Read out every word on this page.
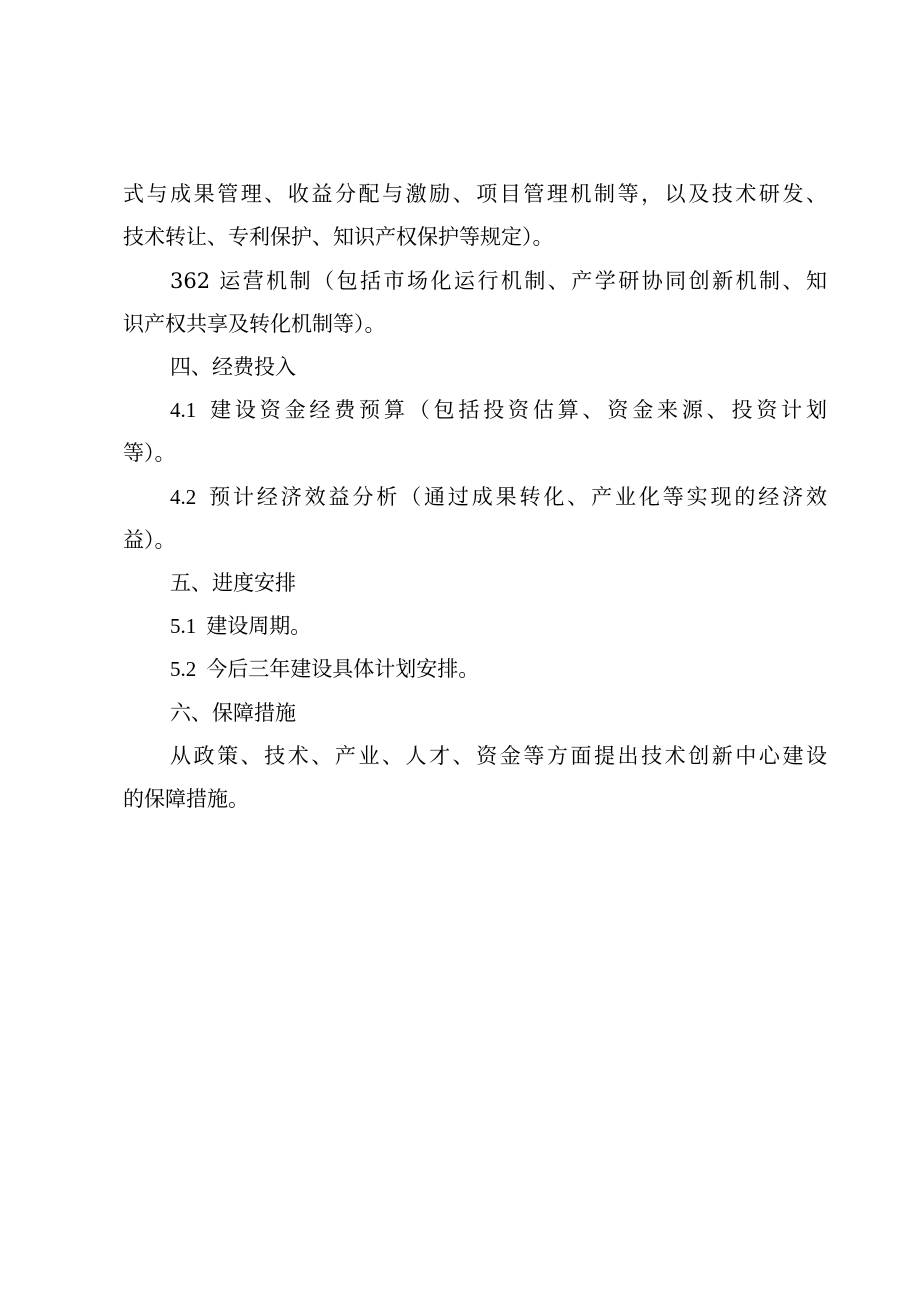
式与成果管理、收益分配与激励、项目管理机制等，以及技术研发、
技术转让、专利保护、知识产权保护等规定）。
362 运营机制（包括市场化运行机制、产学研协同创新机制、知
识产权共享及转化机制等）。
四、经费投入
4.1 建设资金经费预算（包括投资估算、资金来源、投资计划
等）。
4.2 预计经济效益分析（通过成果转化、产业化等实现的经济效
益）。
五、进度安排
5.1 建设周期。
5.2 今后三年建设具体计划安排。
六、保障措施
从政策、技术、产业、人才、资金等方面提出技术创新中心建设
的保障措施。
